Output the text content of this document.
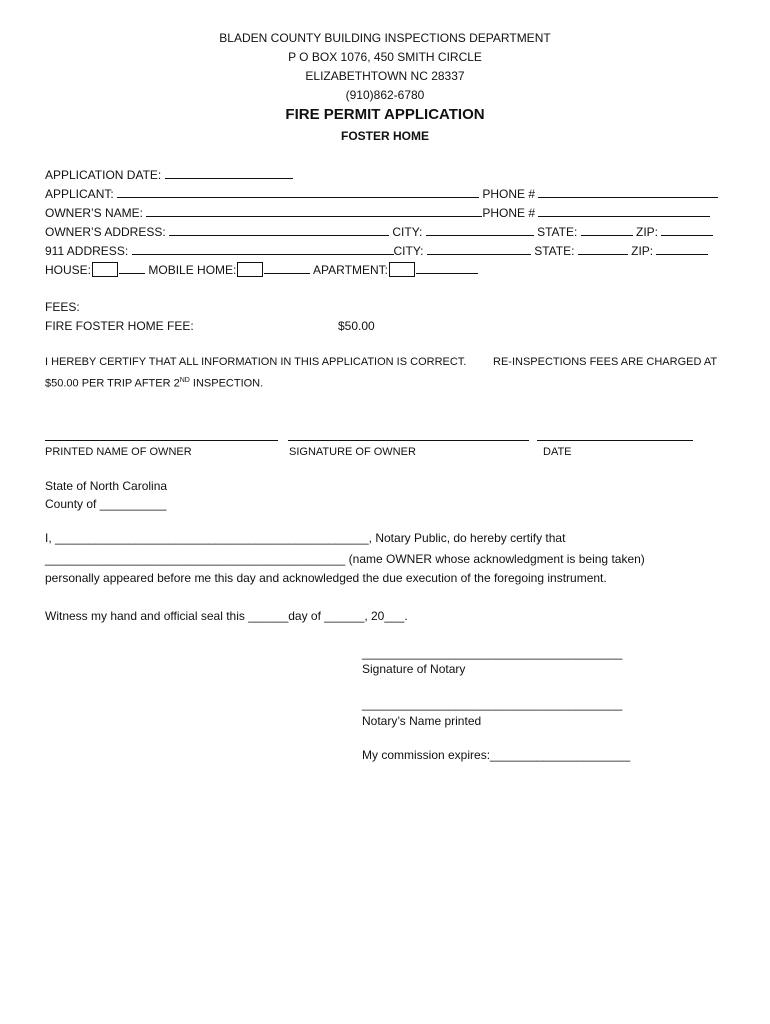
BLADEN COUNTY BUILDING INSPECTIONS DEPARTMENT
P O BOX 1076, 450 SMITH CIRCLE
ELIZABETHTOWN NC 28337
(910)862-6780
FIRE PERMIT APPLICATION
FOSTER HOME
APPLICATION DATE:
APPLICANT:	PHONE #
OWNER’S NAME:	PHONE #
OWNER’S ADDRESS:	CITY:	STATE:	ZIP:
911 ADDRESS:	CITY:	STATE:	ZIP:
HOUSE:	MOBILE HOME:	APARTMENT:
FEES:
FIRE FOSTER HOME FEE:	$50.00
I HEREBY CERTIFY THAT ALL INFORMATION IN THIS APPLICATION IS CORRECT. RE-INSPECTIONS FEES ARE CHARGED AT
$50.00 PER TRIP AFTER 2ND INSPECTION.
PRINTED NAME OF OWNER	SIGNATURE OF OWNER	DATE
State of North Carolina
County of __________
I, _______________________________________________, Notary Public, do hereby certify that
_____________________________________________ (name OWNER whose acknowledgment is being taken)
personally appeared before me this day and acknowledged the due execution of the foregoing instrument.
Witness my hand and official seal this ______day of ______, 20___.
_______________________________________
Signature of Notary
_______________________________________
Notary’s Name printed
My commission expires:_____________________
